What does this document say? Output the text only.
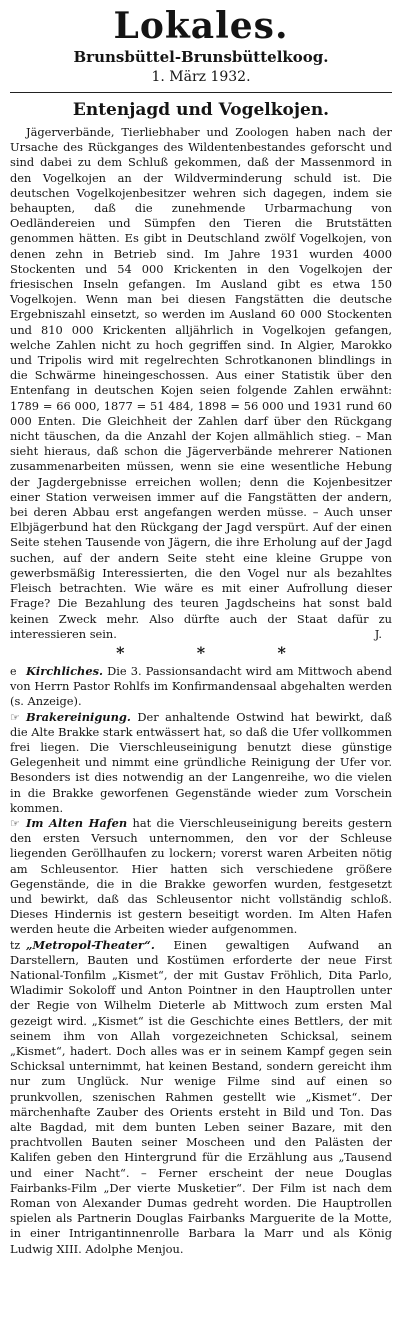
Lokales.
Brunsbüttel-Brunsbüttelkoog.
1. März 1932.
Entenjagd und Vogelkojen.

Jägerverbände, Tierliebhaber und Zoologen haben nach der Ursache des Rückganges des Wildentenbestandes geforscht und sind dabei zu dem Schluß gekommen, daß der Massenmord in den Vogelkojen an der Wildverminderung schuld ist. Die deutschen Vogelkojenbesitzer wehren sich dagegen, indem sie behaupten, daß die zunehmende Urbarmachung von Oedländereien und Sümpfen den Tieren die Brutstätten genommen hätten. Es gibt in Deutschland zwölf Vogelkojen, von denen zehn in Betrieb sind. Im Jahre 1931 wurden 4000 Stockenten und 54 000 Krickenten in den Vogelkojen der friesischen Inseln gefangen. Im Ausland gibt es etwa 150 Vogelkojen. Wenn man bei diesen Fangstätten die deutsche Ergebniszahl einsetzt, so werden im Ausland 60 000 Stockenten und 810 000 Krickenten alljährlich in Vogelkojen gefangen, welche Zahlen nicht zu hoch gegriffen sind. In Algier, Marokko und Tripolis wird mit regelrechten Schrotkanonen blindlings in die Schwärme hineingeschossen. Aus einer Statistik über den Entenfang in deutschen Kojen seien folgende Zahlen erwähnt: 1789 = 66 000, 1877 = 51 484, 1898 = 56 000 und 1931 rund 60 000 Enten. Die Gleichheit der Zahlen darf über den Rückgang nicht täuschen, da die Anzahl der Kojen allmählich stieg. – Man sieht hieraus, daß schon die Jägerverbände mehrerer Nationen zusammenarbeiten müssen, wenn sie eine wesentliche Hebung der Jagdergebnisse erreichen wollen; denn die Kojenbesitzer einer Station verweisen immer auf die Fangstätten der andern, bei deren Abbau erst angefangen werden müsse. – Auch unser Elbjägerbund hat den Rückgang der Jagd verspürt. Auf der einen Seite stehen Tausende von Jägern, die ihre Erholung auf der Jagd suchen, auf der andern Seite steht eine kleine Gruppe von gewerbsmäßig Interessierten, die den Vogel nur als bezahltes Fleisch betrachten. Wie wäre es mit einer Aufrollung dieser Frage? Die Bezahlung des teuren Jagdscheins hat sonst bald keinen Zweck mehr. Also dürfte auch der Staat dafür zu interessieren sein.	J.

*	*	*

e Kirchliches. Die 3. Passionsandacht wird am Mittwoch abend von Herrn Pastor Rohlfs im Konfirmandensaal abgehalten werden (s. Anzeige).

☞ Brakereinigung. Der anhaltende Ostwind hat bewirkt, daß die Alte Brakke stark entwässert hat, so daß die Ufer vollkommen frei liegen. Die Vierschleuseinigung benutzt diese günstige Gelegenheit und nimmt eine gründliche Reinigung der Ufer vor. Besonders ist dies notwendig an der Langenreihe, wo die vielen in die Brakke geworfenen Gegenstände wieder zum Vorschein kommen.

☞ Im Alten Hafen hat die Vierschleuseinigung bereits gestern den ersten Versuch unternommen, den vor der Schleuse liegenden Geröllhaufen zu lockern; vorerst waren Arbeiten nötig am Schleusentor. Hier hatten sich verschiedene größere Gegenstände, die in die Brakke geworfen wurden, festgesetzt und bewirkt, daß das Schleusentor nicht vollständig schloß. Dieses Hindernis ist gestern beseitigt worden. Im Alten Hafen werden heute die Arbeiten wieder aufgenommen.

tz „Metropol-Theater“. Einen gewaltigen Aufwand an Darstellern, Bauten und Kostümen erforderte der neue First National-Tonfilm „Kismet“, der mit Gustav Fröhlich, Dita Parlo, Wladimir Sokoloff und Anton Pointner in den Hauptrollen unter der Regie von Wilhelm Dieterle ab Mittwoch zum ersten Mal gezeigt wird. „Kismet“ ist die Geschichte eines Bettlers, der mit seinem ihm von Allah vorgezeichneten Schicksal, seinem „Kismet“, hadert. Doch alles was er in seinem Kampf gegen sein Schicksal unternimmt, hat keinen Bestand, sondern gereicht ihm nur zum Unglück. Nur wenige Filme sind auf einen so prunkvollen, szenischen Rahmen gestellt wie „Kismet“. Der märchenhafte Zauber des Orients ersteht in Bild und Ton. Das alte Bagdad, mit dem bunten Leben seiner Bazare, mit den prachtvollen Bauten seiner Moscheen und den Palästen der Kalifen geben den Hintergrund für die Erzählung aus „Tausend und einer Nacht“. – Ferner erscheint der neue Douglas Fairbanks-Film „Der vierte Musketier“. Der Film ist nach dem Roman von Alexander Dumas gedreht worden. Die Hauptrollen spielen als Partnerin Douglas Fairbanks Marguerite de la Motte, in einer Intrigantinnenrolle Barbara la Marr und als König Ludwig XIII. Adolphe Menjou.
